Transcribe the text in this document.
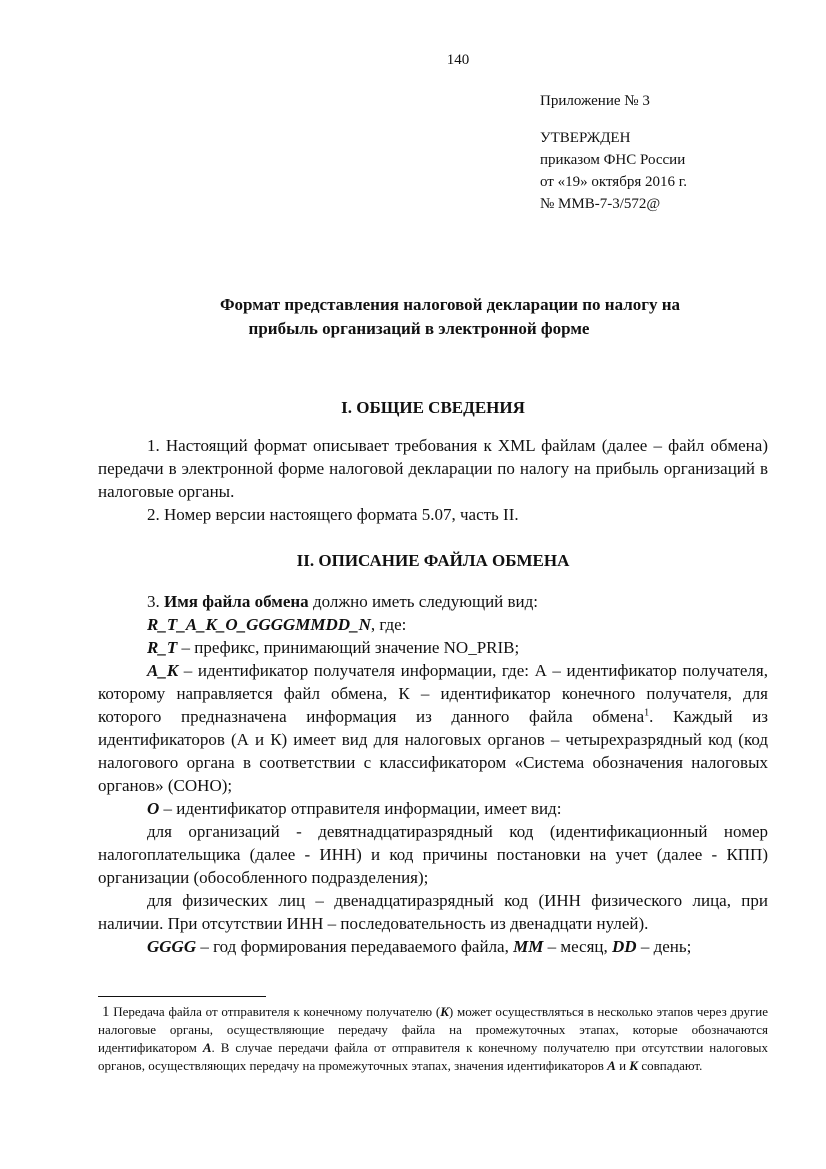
140
Приложение № 3
УТВЕРЖДЕН
приказом ФНС России
от «19» октября 2016 г.
№ ММВ-7-3/572@
Формат представления налоговой декларации по налогу на
прибыль организаций в электронной форме
I. ОБЩИЕ СВЕДЕНИЯ

1. Настоящий формат описывает требования к XML файлам (далее – файл обмена) передачи в электронной форме налоговой декларации по налогу на прибыль организаций в налоговые органы.

2. Номер версии настоящего формата 5.07, часть II.

II. ОПИСАНИЕ ФАЙЛА ОБМЕНА

3. Имя файла обмена должно иметь следующий вид:

R_T_A_K_O_GGGGMMDD_N, где:

R_T – префикс, принимающий значение NO_PRIB;

A_K – идентификатор получателя информации, где: А – идентификатор получателя, которому направляется файл обмена, К – идентификатор конечного получателя, для которого предназначена информация из данного файла обмена$^1$. Каждый из идентификаторов (А и К) имеет вид для налоговых органов – четырехразрядный код (код налогового органа в соответствии с классификатором «Система обозначения налоговых органов» (СОНО);

O – идентификатор отправителя информации, имеет вид:

для организаций - девятнадцатиразрядный код (идентификационный номер налогоплательщика (далее - ИНН) и код причины постановки на учет (далее - КПП) организации (обособленного подразделения);

для физических лиц – двенадцатиразрядный код (ИНН физического лица, при наличии. При отсутствии ИНН – последовательность из двенадцати нулей).

GGGG – год формирования передаваемого файла, MM – месяц, DD – день;

1 Передача файла от отправителя к конечному получателю (K) может осуществляться в несколько этапов через другие налоговые органы, осуществляющие передачу файла на промежуточных этапах, которые обозначаются идентификатором А. В случае передачи файла от отправителя к конечному получателю при отсутствии налоговых органов, осуществляющих передачу на промежуточных этапах, значения идентификаторов А и К совпадают.
